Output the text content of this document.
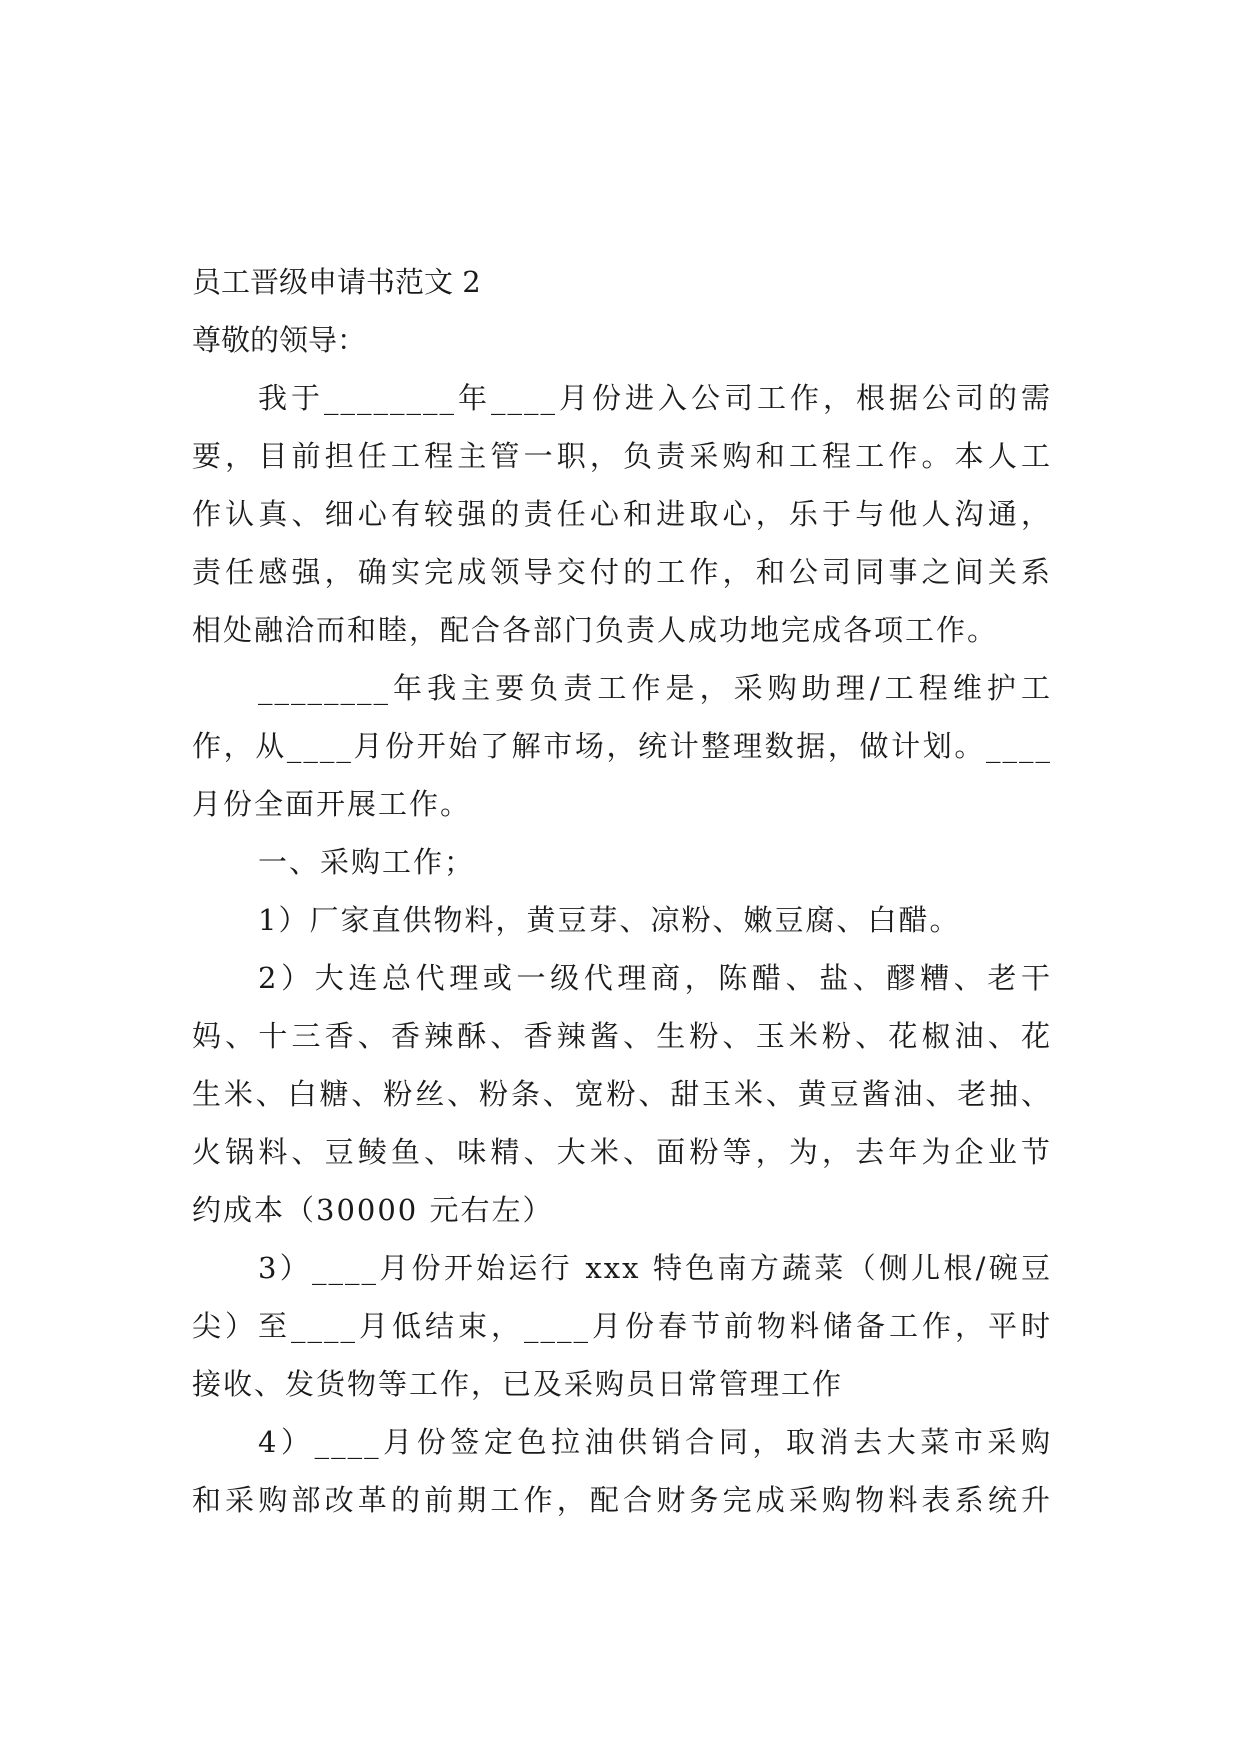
员工晋级申请书范文 2
尊敬的领导：
我于________年____月份进入公司工作，根据公司的需
要，目前担任工程主管一职，负责采购和工程工作。本人工
作认真、细心有较强的责任心和进取心，乐于与他人沟通，
责任感强，确实完成领导交付的工作，和公司同事之间关系
相处融洽而和睦，配合各部门负责人成功地完成各项工作。
________年我主要负责工作是，采购助理/工程维护工
作，从____月份开始了解市场，统计整理数据，做计划。____
月份全面开展工作。
一、采购工作；
1）厂家直供物料，黄豆芽、凉粉、嫩豆腐、白醋。
2）大连总代理或一级代理商，陈醋、盐、醪糟、老干
妈、十三香、香辣酥、香辣酱、生粉、玉米粉、花椒油、花
生米、白糖、粉丝、粉条、宽粉、甜玉米、黄豆酱油、老抽、
火锅料、豆鲮鱼、味精、大米、面粉等，为，去年为企业节
约成本（30000 元右左）
3）____月份开始运行 xxx 特色南方蔬菜（侧儿根/碗豆
尖）至____月低结束，____月份春节前物料储备工作，平时
接收、发货物等工作，已及采购员日常管理工作
4）____月份签定色拉油供销合同，取消去大菜市采购
和采购部改革的前期工作，配合财务完成采购物料表系统升
